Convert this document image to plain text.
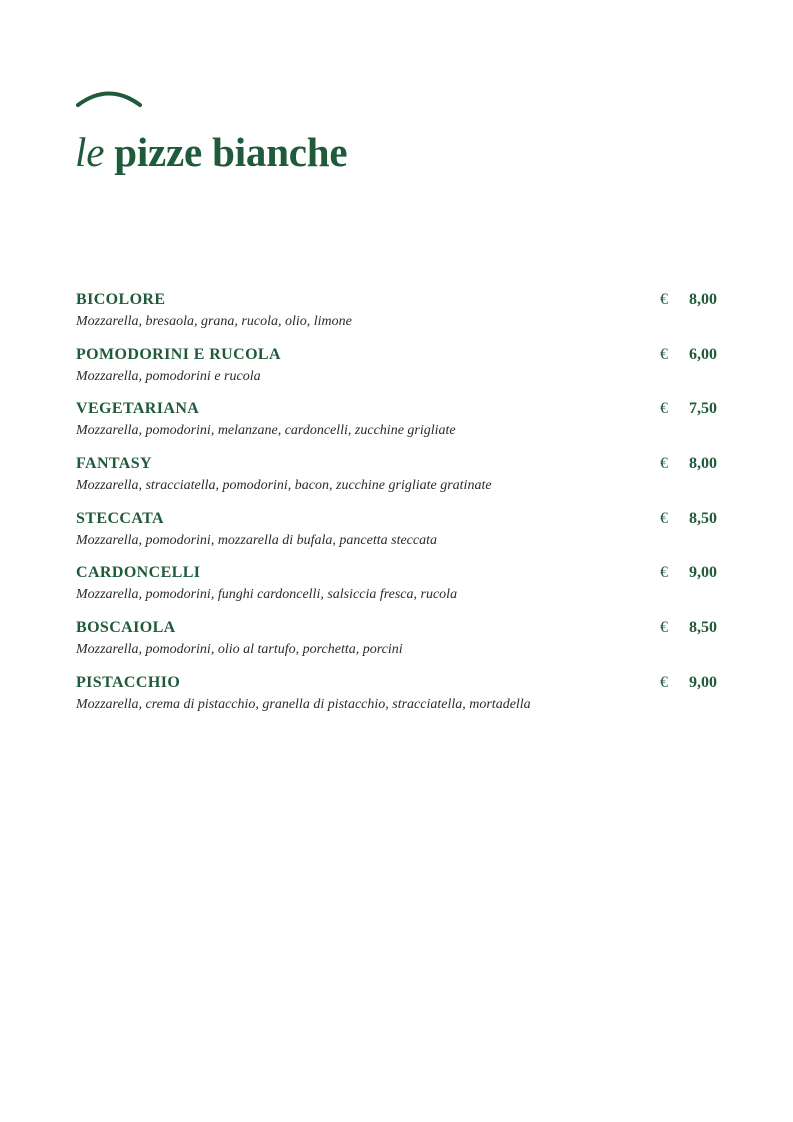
le pizze bianche
BICOLORE
Mozzarella, bresaola, grana, rucola, olio, limone
€ 8,00
POMODORINI E RUCOLA
Mozzarella, pomodorini e rucola
€ 6,00
VEGETARIANA
Mozzarella, pomodorini, melanzane, cardoncelli, zucchine grigliate
€ 7,50
FANTASY
Mozzarella, stracciatella, pomodorini, bacon, zucchine grigliate gratinate
€ 8,00
STECCATA
Mozzarella, pomodorini, mozzarella di bufala, pancetta steccata
€ 8,50
CARDONCELLI
Mozzarella, pomodorini, funghi cardoncelli, salsiccia fresca, rucola
€ 9,00
BOSCAIOLA
Mozzarella, pomodorini, olio al tartufo, porchetta, porcini
€ 8,50
PISTACCHIO
Mozzarella, crema di pistacchio, granella di pistacchio, stracciatella, mortadella
€ 9,00
